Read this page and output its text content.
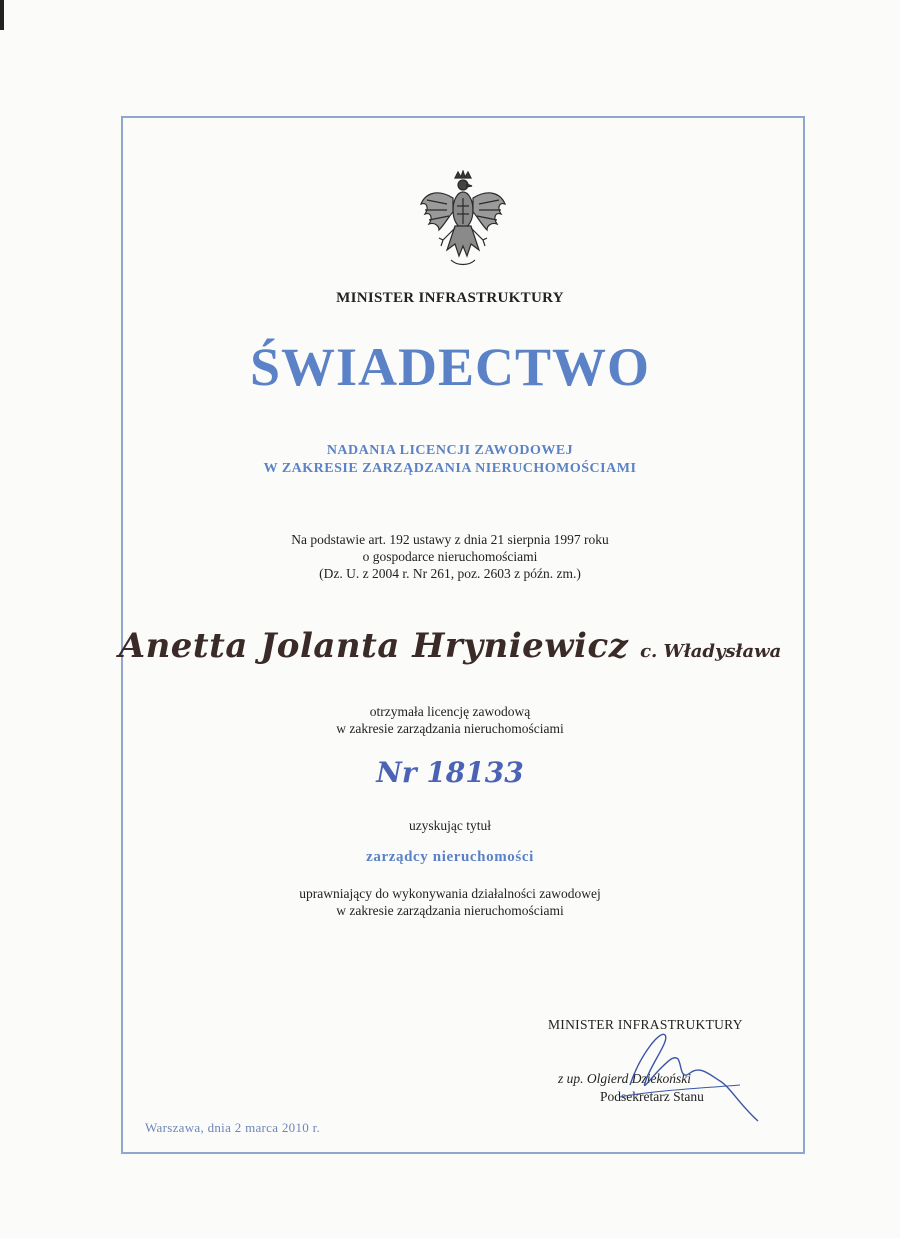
MINISTER INFRASTRUKTURY
ŚWIADECTWO
NADANIA LICENCJI ZAWODOWEJ
W ZAKRESIE ZARZĄDZANIA NIERUCHOMOŚCIAMI
Na podstawie art. 192 ustawy z dnia 21 sierpnia 1997 roku
o gospodarce nieruchomościami
(Dz. U. z 2004 r. Nr 261, poz. 2603 z późn. zm.)
Anetta Jolanta Hryniewicz c. Władysława
otrzymała licencję zawodową
w zakresie zarządzania nieruchomościami
Nr 18133
uzyskując tytuł
zarządcy nieruchomości
uprawniający do wykonywania działalności zawodowej
w zakresie zarządzania nieruchomościami
MINISTER INFRASTRUKTURY
z up. Olgierd Dziekoński
Podsekretarz Stanu
Warszawa, dnia 2 marca 2010 r.
